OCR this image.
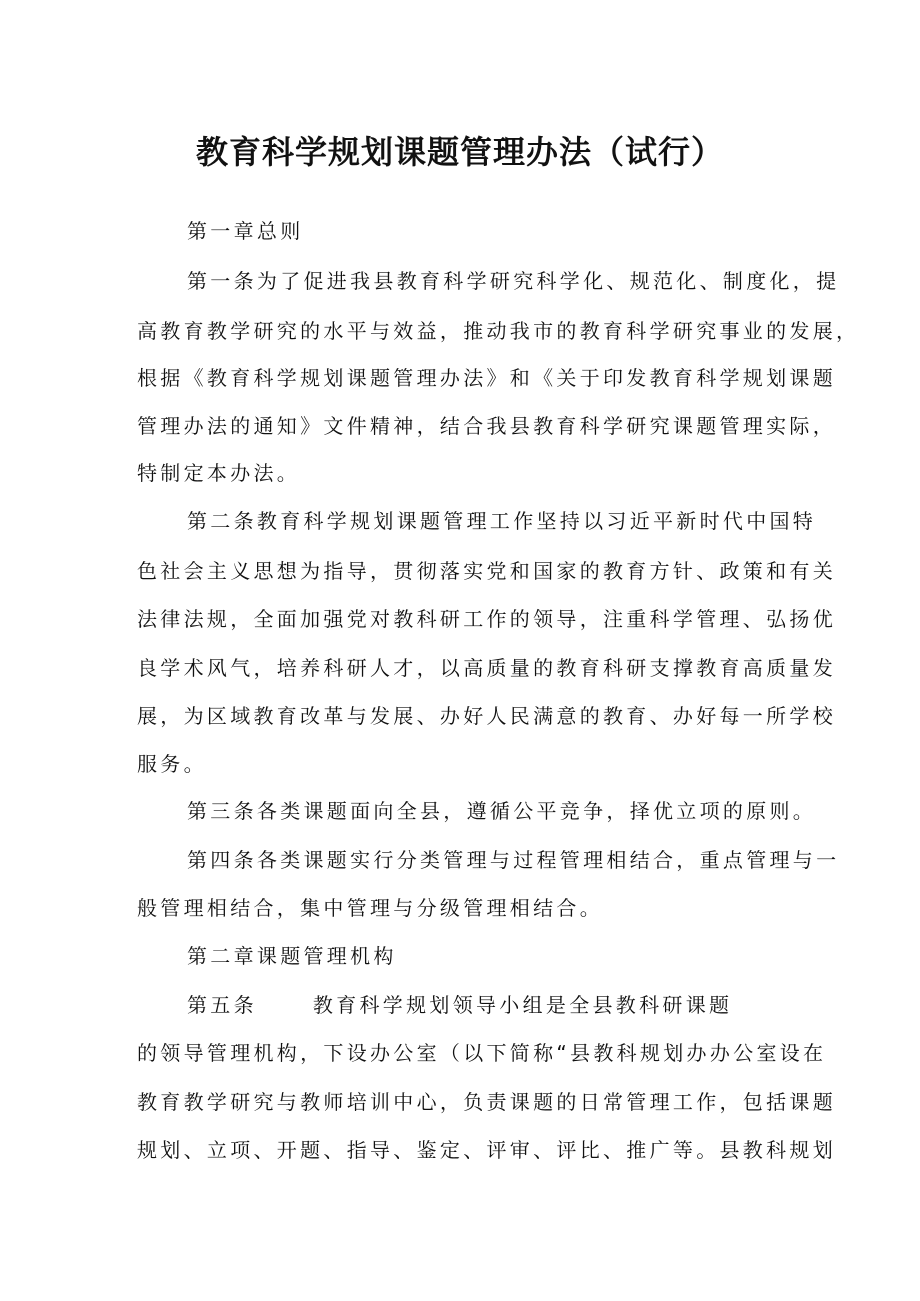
教育科学规划课题管理办法（试行）
第一章总则
第一条为了促进我县教育科学研究科学化、规范化、制度化，提
高教育教学研究的水平与效益，推动我市的教育科学研究事业的发展，
根据《教育科学规划课题管理办法》和《关于印发教育科学规划课题
管理办法的通知》文件精神，结合我县教育科学研究课题管理实际，
特制定本办法。
第二条教育科学规划课题管理工作坚持以习近平新时代中国特
色社会主义思想为指导，贯彻落实党和国家的教育方针、政策和有关
法律法规，全面加强党对教科研工作的领导，注重科学管理、弘扬优
良学术风气，培养科研人才，以高质量的教育科研支撑教育高质量发
展，为区域教育改革与发展、办好人民满意的教育、办好每一所学校
服务。
第三条各类课题面向全县，遵循公平竞争，择优立项的原则。
第四条各类课题实行分类管理与过程管理相结合，重点管理与一
般管理相结合，集中管理与分级管理相结合。
第二章课题管理机构
第五条	教育科学规划领导小组是全县教科研课题
的领导管理机构，下设办公室（以下简称“县教科规划办办公室设在
教育教学研究与教师培训中心，负责课题的日常管理工作，包括课题
规划、立项、开题、指导、鉴定、评审、评比、推广等。县教科规划
